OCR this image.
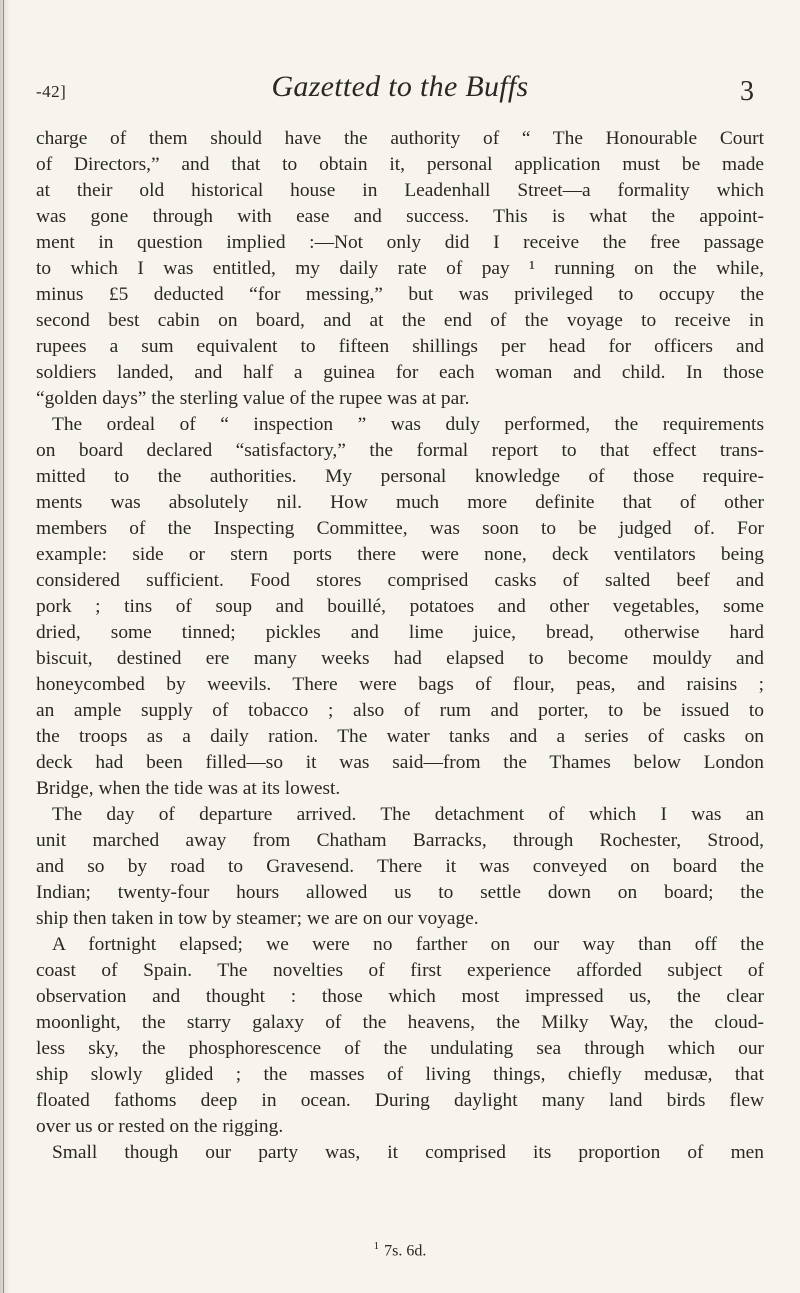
-42]	Gazetted to the Buffs	3
charge of them should have the authority of “ The Honourable Court
of Directors,” and that to obtain it, personal application must be made
at their old historical house in Leadenhall Street—a formality which
was gone through with ease and success. This is what the appoint-
ment in question implied :—Not only did I receive the free passage
to which I was entitled, my daily rate of pay ¹ running on the while,
minus £5 deducted “for messing,” but was privileged to occupy the
second best cabin on board, and at the end of the voyage to receive in
rupees a sum equivalent to fifteen shillings per head for officers and
soldiers landed, and half a guinea for each woman and child. In those
“golden days” the sterling value of the rupee was at par.
The ordeal of “ inspection ” was duly performed, the requirements
on board declared “satisfactory,” the formal report to that effect trans-
mitted to the authorities. My personal knowledge of those require-
ments was absolutely nil. How much more definite that of other
members of the Inspecting Committee, was soon to be judged of. For
example: side or stern ports there were none, deck ventilators being
considered sufficient. Food stores comprised casks of salted beef and
pork ; tins of soup and bouillé, potatoes and other vegetables, some
dried, some tinned; pickles and lime juice, bread, otherwise hard
biscuit, destined ere many weeks had elapsed to become mouldy and
honeycombed by weevils. There were bags of flour, peas, and raisins ;
an ample supply of tobacco ; also of rum and porter, to be issued to
the troops as a daily ration. The water tanks and a series of casks on
deck had been filled—so it was said—from the Thames below London
Bridge, when the tide was at its lowest.
The day of departure arrived. The detachment of which I was an
unit marched away from Chatham Barracks, through Rochester, Strood,
and so by road to Gravesend. There it was conveyed on board the
Indian; twenty-four hours allowed us to settle down on board; the
ship then taken in tow by steamer; we are on our voyage.
A fortnight elapsed; we were no farther on our way than off the
coast of Spain. The novelties of first experience afforded subject of
observation and thought : those which most impressed us, the clear
moonlight, the starry galaxy of the heavens, the Milky Way, the cloud-
less sky, the phosphorescence of the undulating sea through which our
ship slowly glided ; the masses of living things, chiefly medusæ, that
floated fathoms deep in ocean. During daylight many land birds flew
over us or rested on the rigging.
Small though our party was, it comprised its proportion of men
$^1$ 7s. 6d.
